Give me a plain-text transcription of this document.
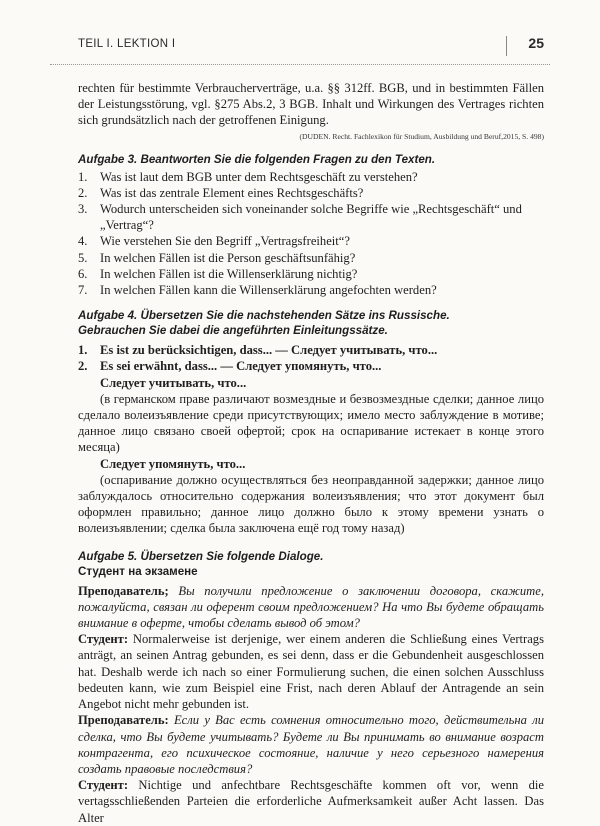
TEIL I. LEKTION I	25

rechten für bestimmte Verbraucherverträge, u.a. §§ 312ff. BGB, und in bestimmten Fällen der Leistungsstörung, vgl. §275 Abs.2, 3 BGB. Inhalt und Wirkungen des Vertrages richten sich grundsätzlich nach der getroffenen Einigung.

(DUDEN. Recht. Fachlexikon für Studium, Ausbildung und Beruf,2015, S. 498)

Aufgabe 3. Beantworten Sie die folgenden Fragen zu den Texten.
1. Was ist laut dem BGB unter dem Rechtsgeschäft zu verstehen?
2. Was ist das zentrale Element eines Rechtsgeschäfts?
3. Wodurch unterscheiden sich voneinander solche Begriffe wie „Rechtsgeschäft“ und „Vertrag“?
4. Wie verstehen Sie den Begriff „Vertragsfreiheit“?
5. In welchen Fällen ist die Person geschäftsunfähig?
6. In welchen Fällen ist die Willenserklärung nichtig?
7. In welchen Fällen kann die Willenserklärung angefochten werden?
Aufgabe 4. Übersetzen Sie die nachstehenden Sätze ins Russische.
Gebrauchen Sie dabei die angeführten Einleitungssätze.
1. Es ist zu berücksichtigen, dass... — Следует учитывать, что...
2. Es sei erwähnt, dass... — Следует упомянуть, что...
Следует учитывать, что...

(в германском праве различают возмездные и безвозмездные сделки; данное лицо сделало волеизъявление среди присутствующих; имело место заблуждение в мотиве; данное лицо связано своей офертой; срок на оспаривание истекает в конце этого месяца)

Следует упомянуть, что...

(оспаривание должно осуществляться без неоправданной задержки; данное лицо заблуждалось относительно содержания волеизъявления; что этот документ был оформлен правильно; данное лицо должно было к этому времени узнать о волеизъявлении; сделка была заключена ещё год тому назад)

Aufgabe 5. Übersetzen Sie folgende Dialoge.
Студент на экзамене

Преподаватель; Вы получили предложение о заключении договора, скажите, пожалуйста, связан ли оферент своим предложением? На что Вы будете обращать внимание в оферте, чтобы сделать вывод об этом?

Студент: Normalerweise ist derjenige, wer einem anderen die Schließung eines Vertrags anträgt, an seinen Antrag gebunden, es sei denn, dass er die Gebundenheit ausgeschlossen hat. Deshalb werde ich nach so einer Formulierung suchen, die einen solchen Ausschluss bedeuten kann, wie zum Beispiel eine Frist, nach deren Ablauf der Antragende an sein Angebot nicht mehr gebunden ist.

Преподаватель: Если у Вас есть сомнения относительно того, действительна ли сделка, что Вы будете учитывать? Будете ли Вы принимать во внимание возраст контрагента, его психическое состояние, наличие у него серьезного намерения создать правовые последствия?

Студент: Nichtige und anfechtbare Rechtsgeschäfte kommen oft vor, wenn die vertagsschließenden Parteien die erforderliche Aufmerksamkeit außer Acht lassen. Das Alter
